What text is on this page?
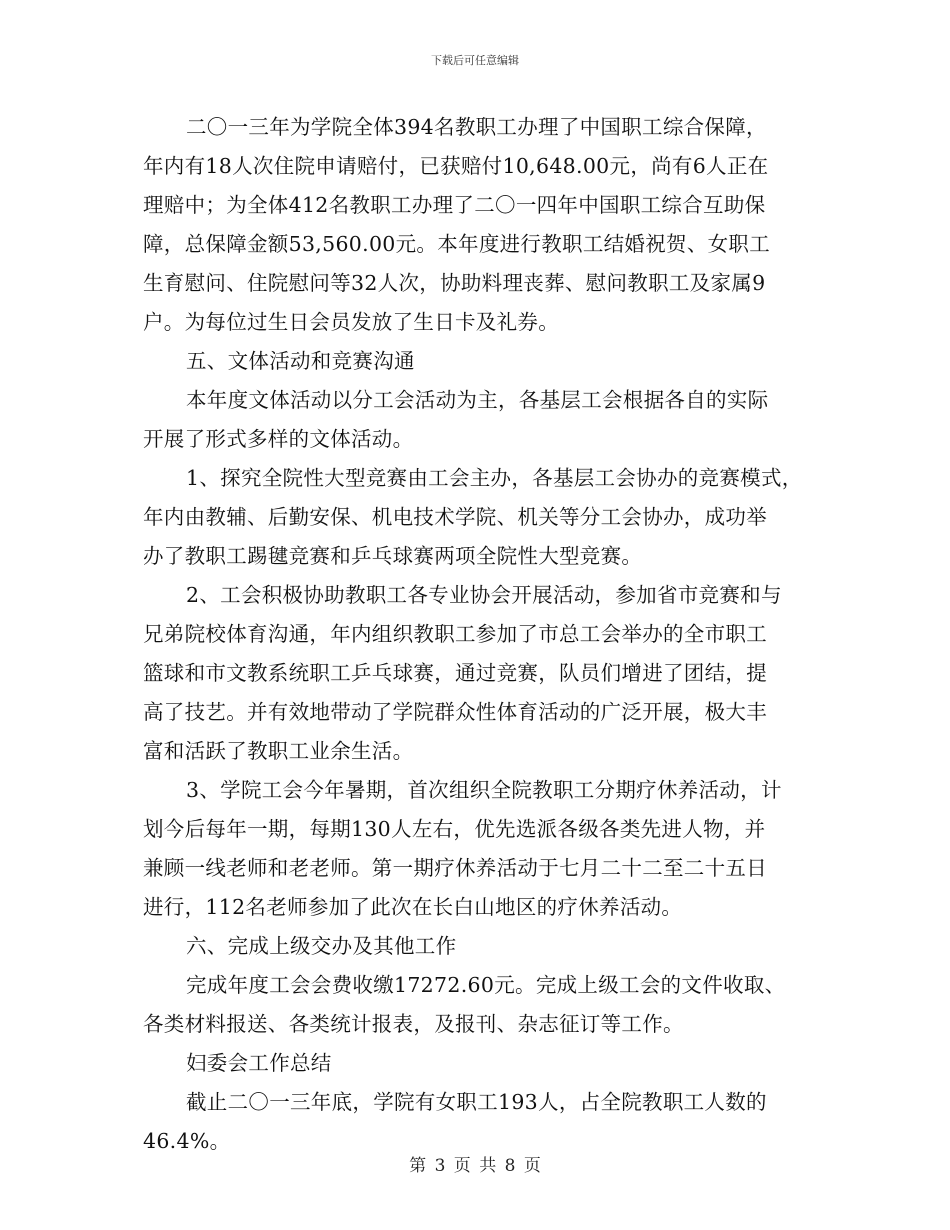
下载后可任意编辑
二〇一三年为学院全体394名教职工办理了中国职工综合保障，
年内有18人次住院申请赔付，已获赔付10,648.00元，尚有6人正在
理赔中；为全体412名教职工办理了二〇一四年中国职工综合互助保
障，总保障金额53,560.00元。本年度进行教职工结婚祝贺、女职工
生育慰问、住院慰问等32人次，协助料理丧葬、慰问教职工及家属9
户。为每位过生日会员发放了生日卡及礼券。
五、文体活动和竞赛沟通
本年度文体活动以分工会活动为主，各基层工会根据各自的实际
开展了形式多样的文体活动。
1、探究全院性大型竞赛由工会主办，各基层工会协办的竞赛模式，
年内由教辅、后勤安保、机电技术学院、机关等分工会协办，成功举
办了教职工踢毽竞赛和乒乓球赛两项全院性大型竞赛。
2、工会积极协助教职工各专业协会开展活动，参加省市竞赛和与
兄弟院校体育沟通，年内组织教职工参加了市总工会举办的全市职工
篮球和市文教系统职工乒乓球赛，通过竞赛，队员们增进了团结，提
高了技艺。并有效地带动了学院群众性体育活动的广泛开展，极大丰
富和活跃了教职工业余生活。
3、学院工会今年暑期，首次组织全院教职工分期疗休养活动，计
划今后每年一期，每期130人左右，优先选派各级各类先进人物，并
兼顾一线老师和老老师。第一期疗休养活动于七月二十二至二十五日
进行，112名老师参加了此次在长白山地区的疗休养活动。
六、完成上级交办及其他工作
完成年度工会会费收缴17272.60元。完成上级工会的文件收取、
各类材料报送、各类统计报表，及报刊、杂志征订等工作。
妇委会工作总结
截止二〇一三年底，学院有女职工193人，占全院教职工人数的
46.4%。
第 3 页 共 8 页
